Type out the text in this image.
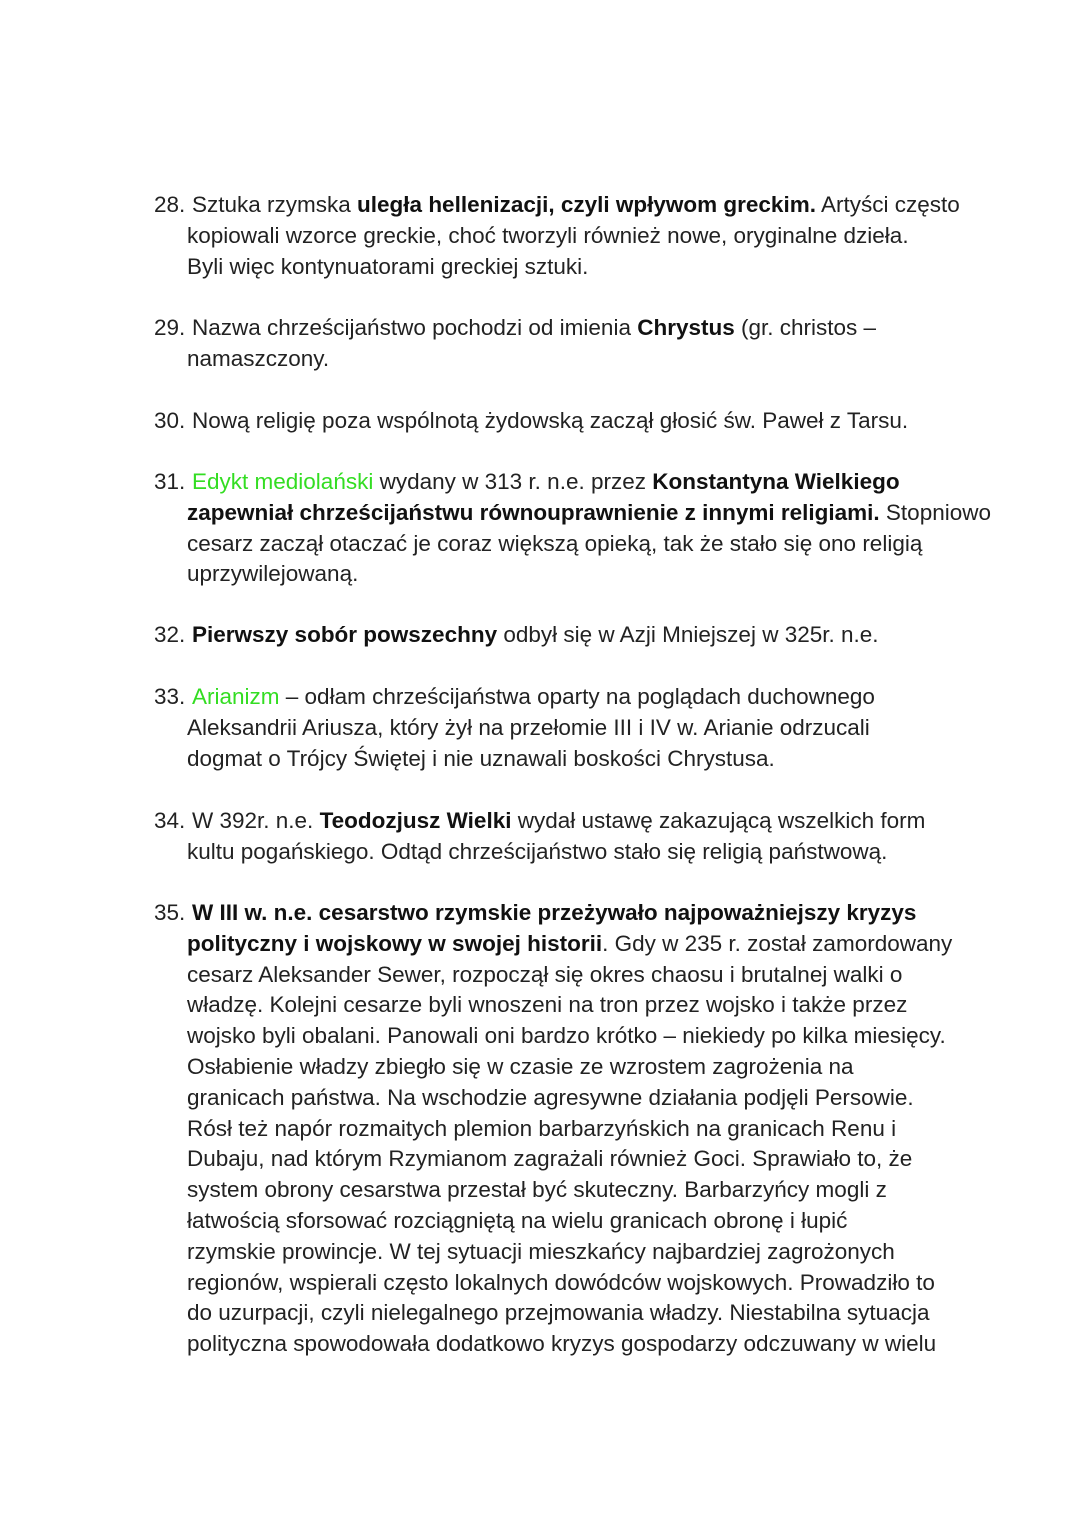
28. Sztuka rzymska uległa hellenizacji, czyli wpływom greckim. Artyści często
kopiowali wzorce greckie, choć tworzyli również nowe, oryginalne dzieła.
Byli więc kontynuatorami greckiej sztuki.
29. Nazwa chrześcijaństwo pochodzi od imienia Chrystus (gr. christos –
namaszczony.
30. Nową religię poza wspólnotą żydowską zaczął głosić św. Paweł z Tarsu.
31. Edykt mediolański wydany w 313 r. n.e. przez Konstantyna Wielkiego
zapewniał chrześcijaństwu równouprawnienie z innymi religiami. Stopniowo
cesarz zaczął otaczać je coraz większą opieką, tak że stało się ono religią
uprzywilejowaną.
32. Pierwszy sobór powszechny odbył się w Azji Mniejszej w 325r. n.e.
33. Arianizm – odłam chrześcijaństwa oparty na poglądach duchownego
Aleksandrii Ariusza, który żył na przełomie III i IV w. Arianie odrzucali
dogmat o Trójcy Świętej i nie uznawali boskości Chrystusa.
34. W 392r. n.e. Teodozjusz Wielki wydał ustawę zakazującą wszelkich form
kultu pogańskiego. Odtąd chrześcijaństwo stało się religią państwową.
35. W III w. n.e. cesarstwo rzymskie przeżywało najpoważniejszy kryzys
polityczny i wojskowy w swojej historii. Gdy w 235 r. został zamordowany
cesarz Aleksander Sewer, rozpoczął się okres chaosu i brutalnej walki o
władzę. Kolejni cesarze byli wnoszeni na tron przez wojsko i także przez
wojsko byli obalani. Panowali oni bardzo krótko – niekiedy po kilka miesięcy.
Osłabienie władzy zbiegło się w czasie ze wzrostem zagrożenia na
granicach państwa. Na wschodzie agresywne działania podjęli Persowie.
Rósł też napór rozmaitych plemion barbarzyńskich na granicach Renu i
Dubaju, nad którym Rzymianom zagrażali również Goci. Sprawiało to, że
system obrony cesarstwa przestał być skuteczny. Barbarzyńcy mogli z
łatwością sforsować rozciągniętą na wielu granicach obronę i łupić
rzymskie prowincje. W tej sytuacji mieszkańcy najbardziej zagrożonych
regionów, wspierali często lokalnych dowódców wojskowych. Prowadziło to
do uzurpacji, czyli nielegalnego przejmowania władzy. Niestabilna sytuacja
polityczna spowodowała dodatkowo kryzys gospodarzy odczuwany w wielu
